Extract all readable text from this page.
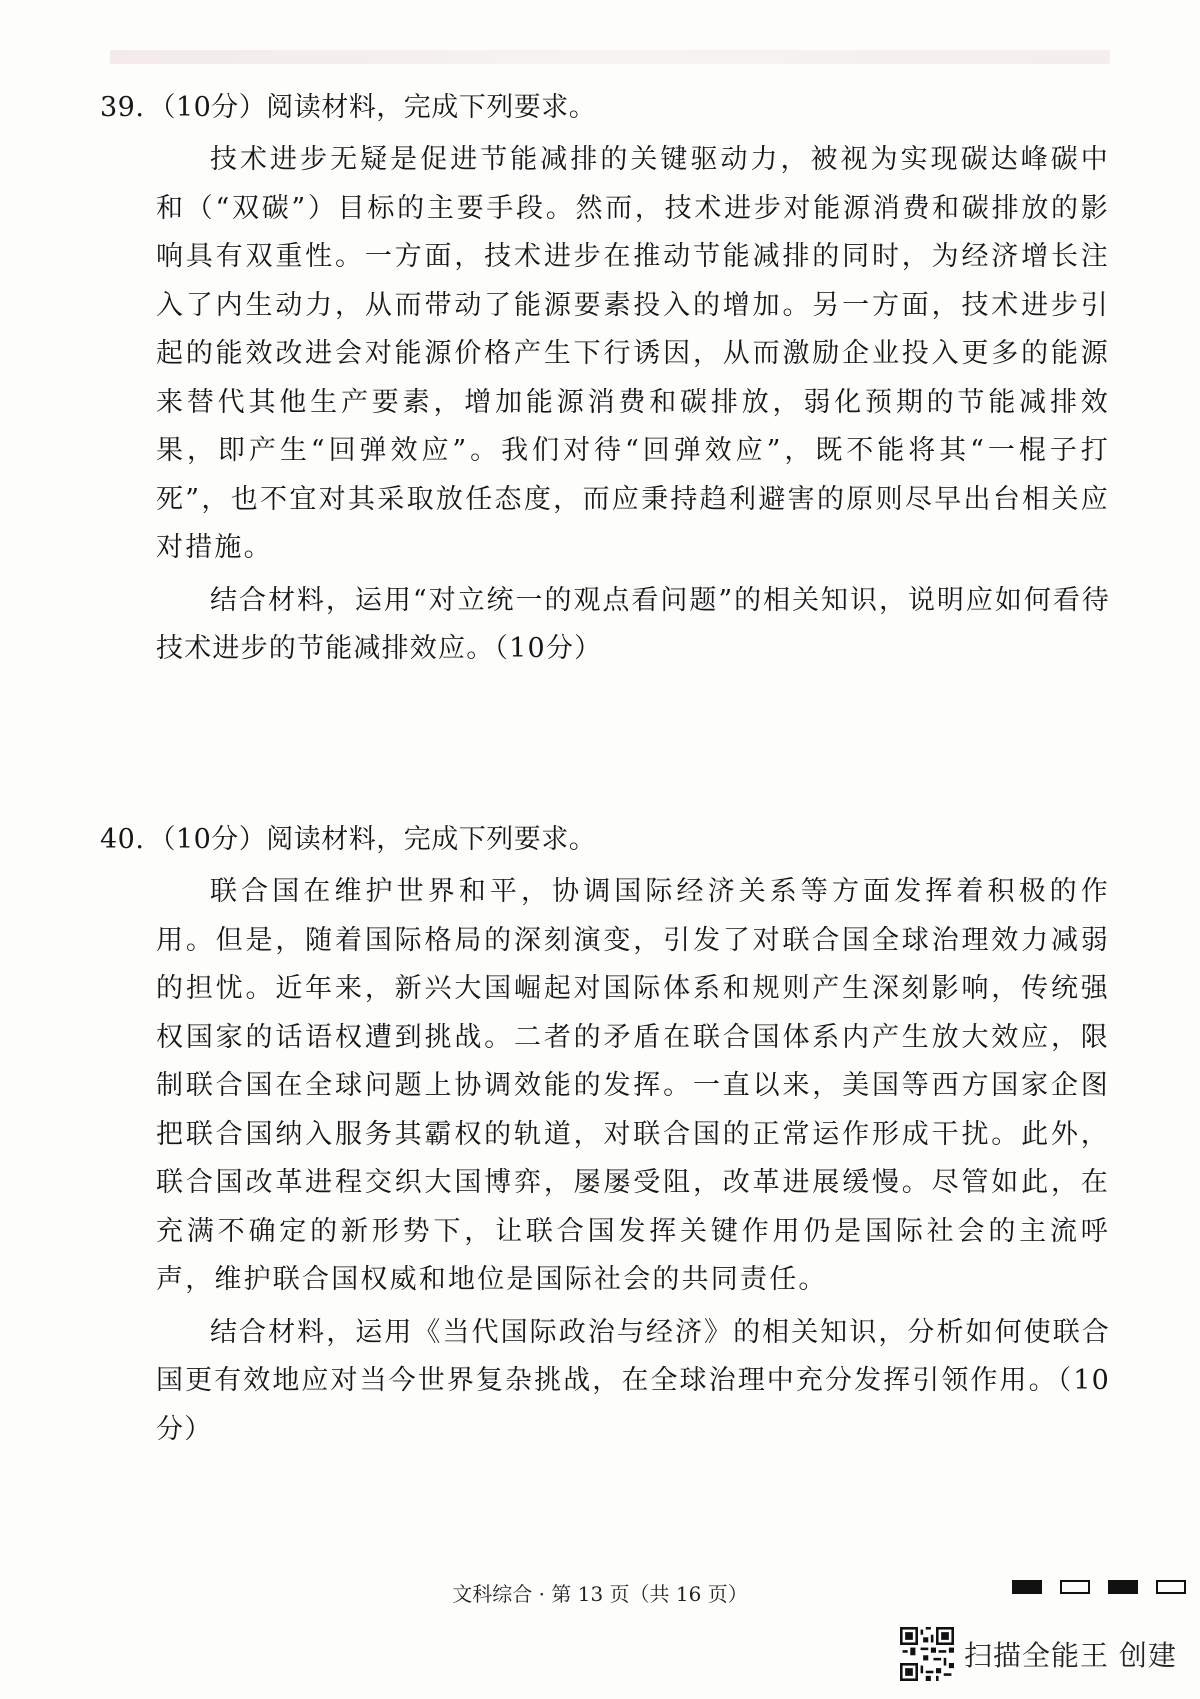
39. （10分）阅读材料，完成下列要求。

技术进步无疑是促进节能减排的关键驱动力，被视为实现碳达峰碳中和（“双碳”）目标的主要手段。然而，技术进步对能源消费和碳排放的影响具有双重性。一方面，技术进步在推动节能减排的同时，为经济增长注入了内生动力，从而带动了能源要素投入的增加。另一方面，技术进步引起的能效改进会对能源价格产生下行诱因，从而激励企业投入更多的能源来替代其他生产要素，增加能源消费和碳排放，弱化预期的节能减排效果，即产生“回弹效应”。我们对待“回弹效应”，既不能将其“一棍子打死”，也不宜对其采取放任态度，而应秉持趋利避害的原则尽早出台相关应对措施。

结合材料，运用“对立统一的观点看问题”的相关知识，说明应如何看待技术进步的节能减排效应。（10分）

40. （10分）阅读材料，完成下列要求。

联合国在维护世界和平，协调国际经济关系等方面发挥着积极的作用。但是，随着国际格局的深刻演变，引发了对联合国全球治理效力减弱的担忧。近年来，新兴大国崛起对国际体系和规则产生深刻影响，传统强权国家的话语权遭到挑战。二者的矛盾在联合国体系内产生放大效应，限制联合国在全球问题上协调效能的发挥。一直以来，美国等西方国家企图把联合国纳入服务其霸权的轨道，对联合国的正常运作形成干扰。此外，联合国改革进程交织大国博弈，屡屡受阻，改革进展缓慢。尽管如此，在充满不确定的新形势下，让联合国发挥关键作用仍是国际社会的主流呼声，维护联合国权威和地位是国际社会的共同责任。

结合材料，运用《当代国际政治与经济》的相关知识，分析如何使联合国更有效地应对当今世界复杂挑战，在全球治理中充分发挥引领作用。（10分）

文科综合 · 第 13 页（共 16 页）
扫描全能王 创建
